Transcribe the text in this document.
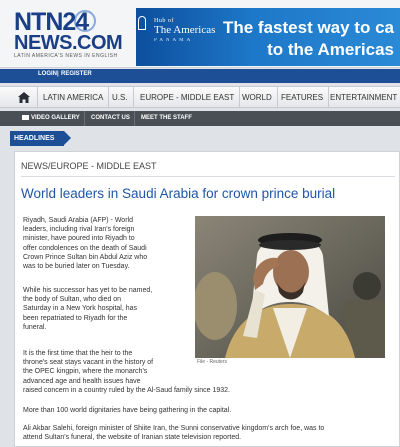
NTN24
NEWS.COM
LATIN AMERICA'S NEWS IN ENGLISH
Hub of
The Americas
PANAMA
The fastest way to ca
to the Americas
LOGIN | REGISTER
LATIN AMERICA	U.S.	EUROPE - MIDDLE EAST WORLD	FEATURES ENTERTAINMENT
VIDEO GALLERY	CONTACT US	MEET THE STAFF
HEADLINES
NEWS/EUROPE - MIDDLE EAST
World leaders in Saudi Arabia for crown prince burial
Riyadh, Saudi Arabia (AFP) - World
leaders, including rival Iran's foreign
minister, have poured into Riyadh to
offer condolences on the death of Saudi
Crown Prince Sultan bin Abdul Aziz who
was to be buried later on Tuesday.
While his successor has yet to be named,
the body of Sultan, who died on
Saturday in a New York hospital, has
been repatriated to Riyadh for the
funeral.
It is the first time that the heir to the
throne's seat stays vacant in the history of
the OPEC kingpin, where the monarch's
advanced age and health issues have
raised concern in a country ruled by the Al-Saud family since 1932.
More than 100 world dignitaries have being gathering in the capital.
Ali Akbar Salehi, foreign minister of Shiite Iran, the Sunni conservative kingdom's arch foe, was to
attend Sultan's funeral, the website of Iranian state television reported.
File - Reuters
